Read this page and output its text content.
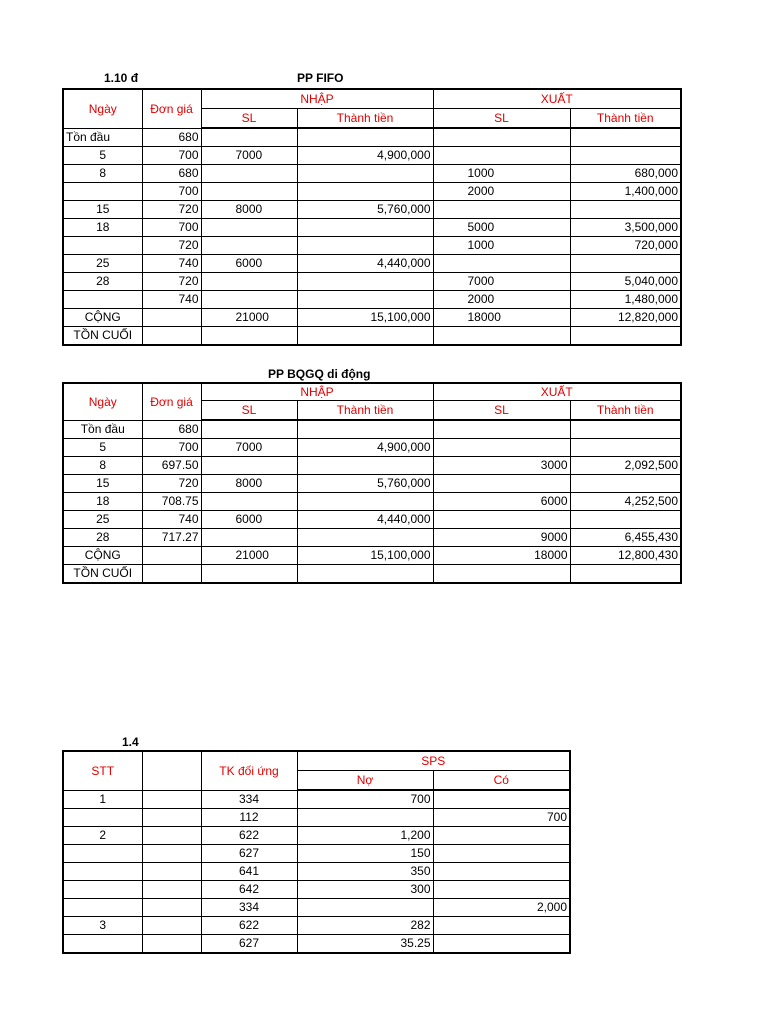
1.10 đ	PP FIFO
Ngày	Đơn giá	NHẬP		XUẤT	
		SL	Thành tiền	SL	Thành tiền
Tồn đầu	680				
5	700	7000	4,900,000		
8	680			1000	680,000
	700			2000	1,400,000
15	720	8000	5,760,000		
18	700			5000	3,500,000
	720			1000	720,000
25	740	6000	4,440,000		
28	720			7000	5,040,000
	740			2000	1,480,000
CỘNG		21000	15,100,000	18000	12,820,000
TỒN CUỐI					
PP BQGQ di động
Ngày	Đơn giá	NHẬP		XUẤT	
		SL	Thành tiền	SL	Thành tiền
Tồn đầu	680				
5	700	7000	4,900,000		
8	697.50			3000	2,092,500
15	720	8000	5,760,000		
18	708.75			6000	4,252,500
25	740	6000	4,440,000		
28	717.27			9000	6,455,430
CỘNG		21000	15,100,000	18000	12,800,430
TỒN CUỐI					
1.4
STT		TK đối ứng	SPS	
			Nợ	Có
1		334	700	
		112		700
2		622	1,200	
		627	150	
		641	350	
		642	300	
		334		2,000
3		622	282	
		627	35.25	
